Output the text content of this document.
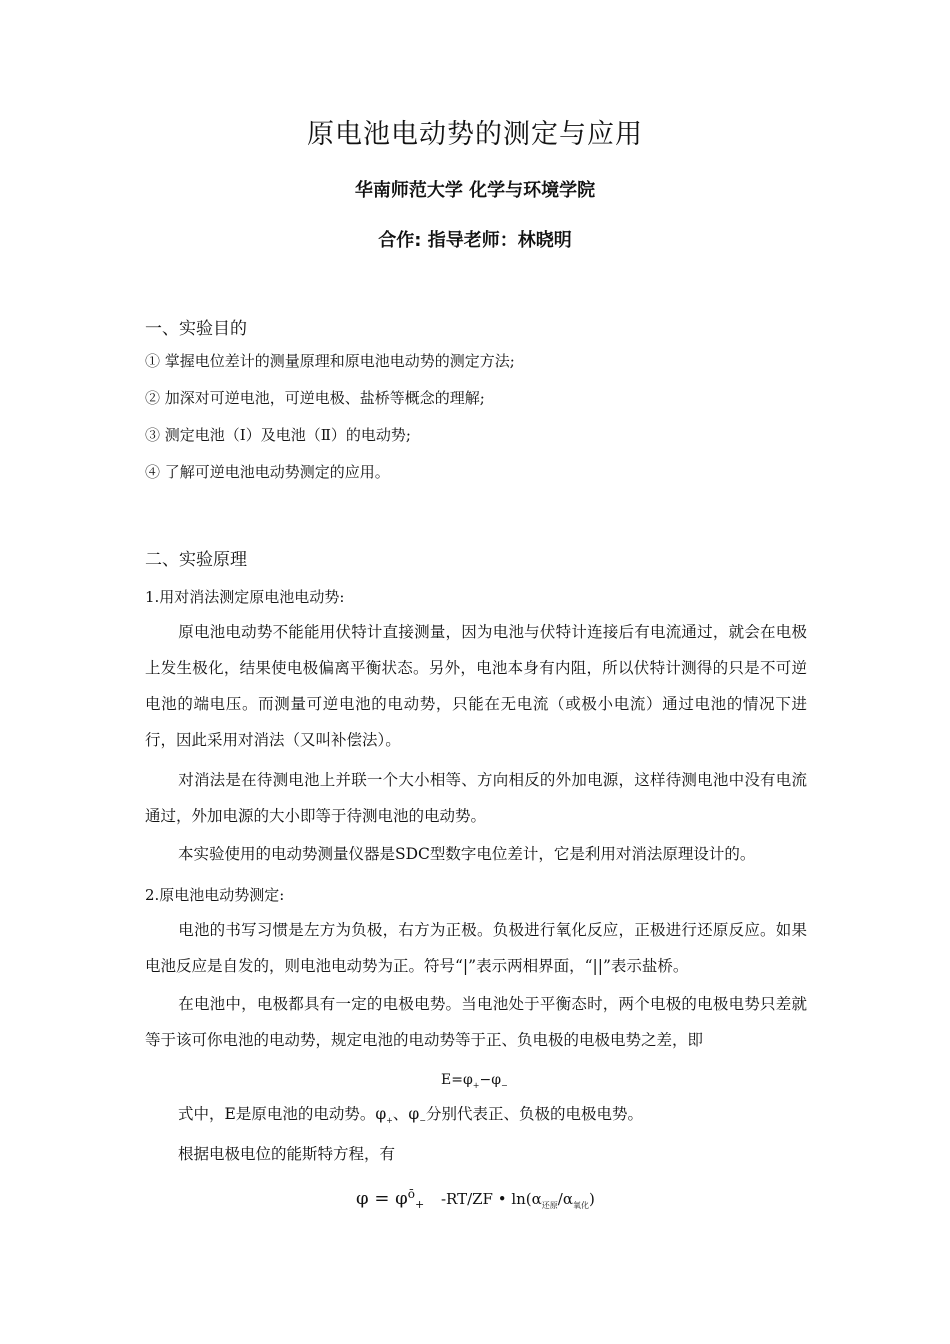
原电池电动势的测定与应用
华南师范大学 化学与环境学院
合作: 指导老师：林晓明
一、实验目的
① 掌握电位差计的测量原理和原电池电动势的测定方法;
② 加深对可逆电池，可逆电极、盐桥等概念的理解;
③ 测定电池（Ⅰ）及电池（Ⅱ）的电动势;
④ 了解可逆电池电动势测定的应用。
二、实验原理
1.用对消法测定原电池电动势:
原电池电动势不能能用伏特计直接测量，因为电池与伏特计连接后有电流通过，就会在电极上发生极化，结果使电极偏离平衡状态。另外，电池本身有内阻，所以伏特计测得的只是不可逆电池的端电压。而测量可逆电池的电动势，只能在无电流（或极小电流）通过电池的情况下进行，因此采用对消法（又叫补偿法）。
对消法是在待测电池上并联一个大小相等、方向相反的外加电源，这样待测电池中没有电流通过，外加电源的大小即等于待测电池的电动势。
本实验使用的电动势测量仪器是SDC型数字电位差计，它是利用对消法原理设计的。
2.原电池电动势测定:
电池的书写习惯是左方为负极，右方为正极。负极进行氧化反应，正极进行还原反应。如果电池反应是自发的，则电池电动势为正。符号“|”表示两相界面，“||”表示盐桥。
在电池中，电极都具有一定的电极电势。当电池处于平衡态时，两个电极的电极电势只差就等于该可你电池的电动势，规定电池的电动势等于正、负电极的电极电势之差，即
$E=\varphi_+-\varphi_-$
式中，E是原电池的电动势。$\varphi_+$、$\varphi_-$分别代表正、负极的电极电势。
根据电极电位的能斯特方程，有
$\varphi = \varphi^ō_+$ -RT/ZF • $\ln(\alpha_{还原}/\alpha_{氧化})$
